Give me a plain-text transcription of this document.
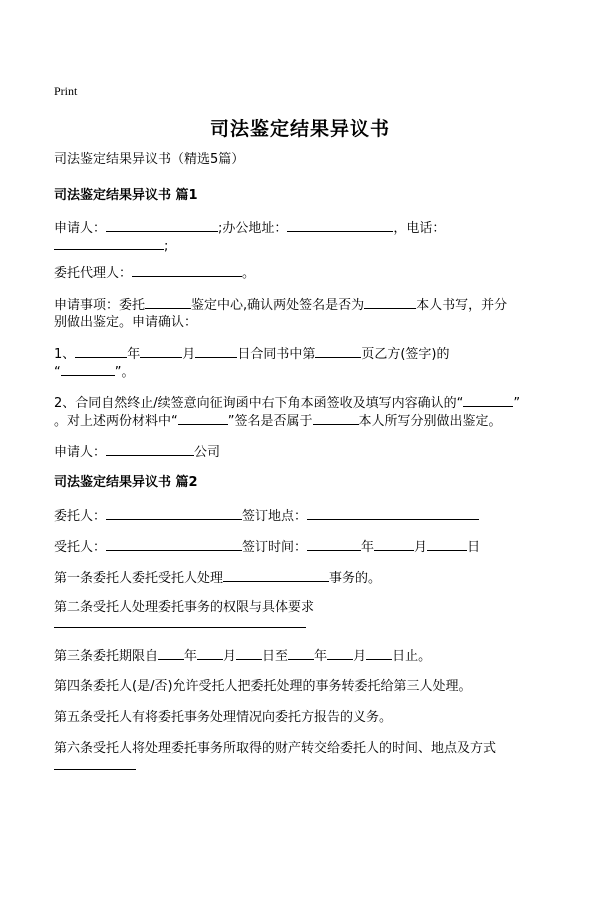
Print
司法鉴定结果异议书
司法鉴定结果异议书（精选5篇）
司法鉴定结果异议书 篇1
申请人：	;办公地址：	，电话：
;
委托代理人：	。
申请事项：委托	鉴定中心,确认两处签名是否为	本人书写，并分
别做出鉴定。申请确认：
1、	年	月	日合同书中第	页乙方(签字)的
“	”。
2、合同自然终止/续签意向征询函中右下角本函签收及填写内容确认的“	”
。对上述两份材料中“	”签名是否属于	本人所写分别做出鉴定。
申请人：	公司
司法鉴定结果异议书 篇2
委托人：	签订地点：
受托人：	签订时间：	年	月	日
第一条委托人委托受托人处理	事务的。
第二条受托人处理委托事务的权限与具体要求
第三条委托期限自 年 月 日至 年 月 日止。
第四条委托人(是/否)允许受托人把委托处理的事务转委托给第三人处理。
第五条受托人有将委托事务处理情况向委托方报告的义务。
第六条受托人将处理委托事务所取得的财产转交给委托人的时间、地点及方式
